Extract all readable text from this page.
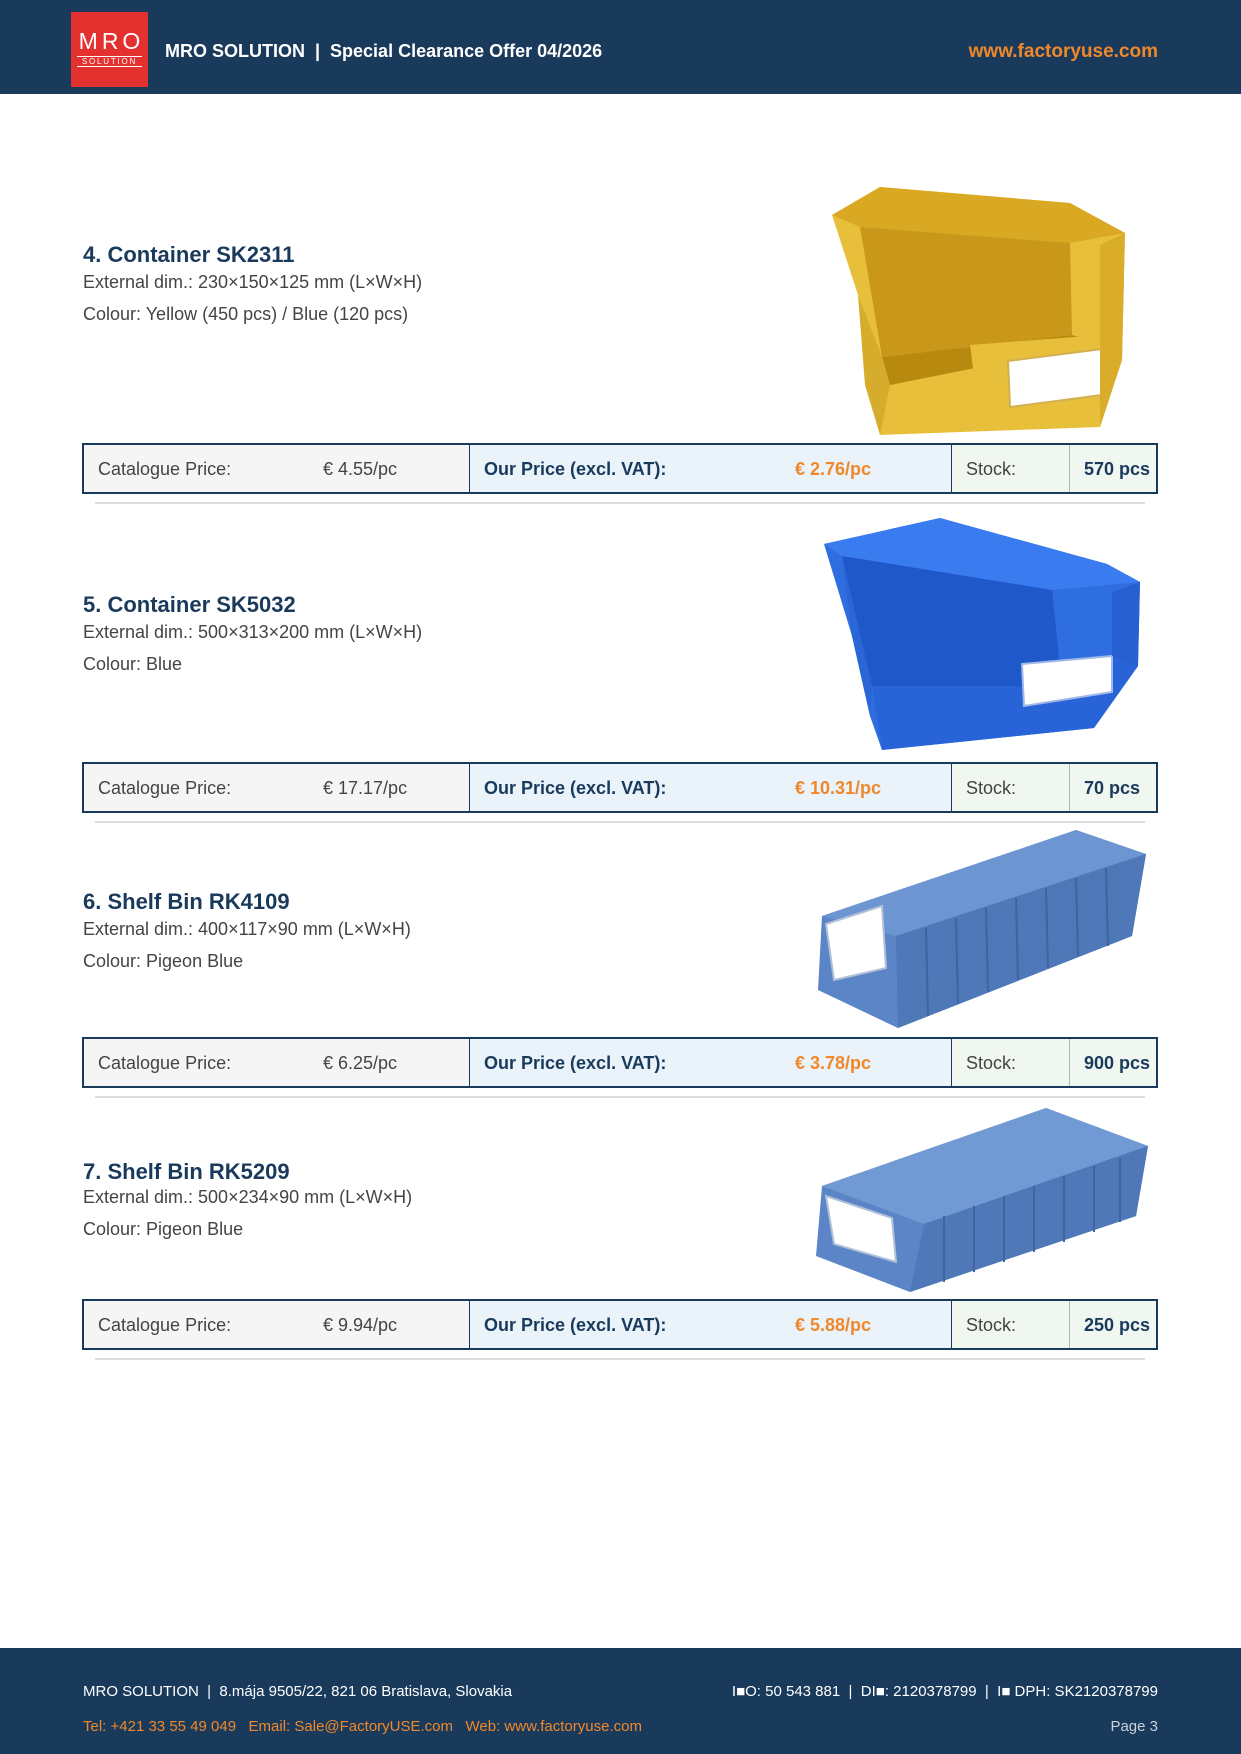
MRO
SOLUTION
MRO SOLUTION  |  Special Clearance Offer 04/2026	www.factoryuse.com
4. Container SK2311
External dim.: 230×150×125 mm (L×W×H)
Colour: Yellow (450 pcs) / Blue (120 pcs)
Catalogue Price:	€ 4.55/pc	Our Price (excl. VAT):	€ 2.76/pc	Stock:	570 pcs
5. Container SK5032
External dim.: 500×313×200 mm (L×W×H)
Colour: Blue
Catalogue Price:	€ 17.17/pc	Our Price (excl. VAT):	€ 10.31/pc	Stock:	70 pcs
6. Shelf Bin RK4109
External dim.: 400×117×90 mm (L×W×H)
Colour: Pigeon Blue
Catalogue Price:	€ 6.25/pc	Our Price (excl. VAT):	€ 3.78/pc	Stock:	900 pcs
7. Shelf Bin RK5209
External dim.: 500×234×90 mm (L×W×H)
Colour: Pigeon Blue
Catalogue Price:	€ 9.94/pc	Our Price (excl. VAT):	€ 5.88/pc	Stock:	250 pcs
MRO SOLUTION  |  8.mája 9505/22, 821 06 Bratislava, Slovakia	I■O: 50 543 881  |  DI■: 2120378799  |  I■ DPH: SK2120378799
Tel: +421 33 55 49 049   Email: Sale@FactoryUSE.com   Web: www.factoryuse.com	Page 3
